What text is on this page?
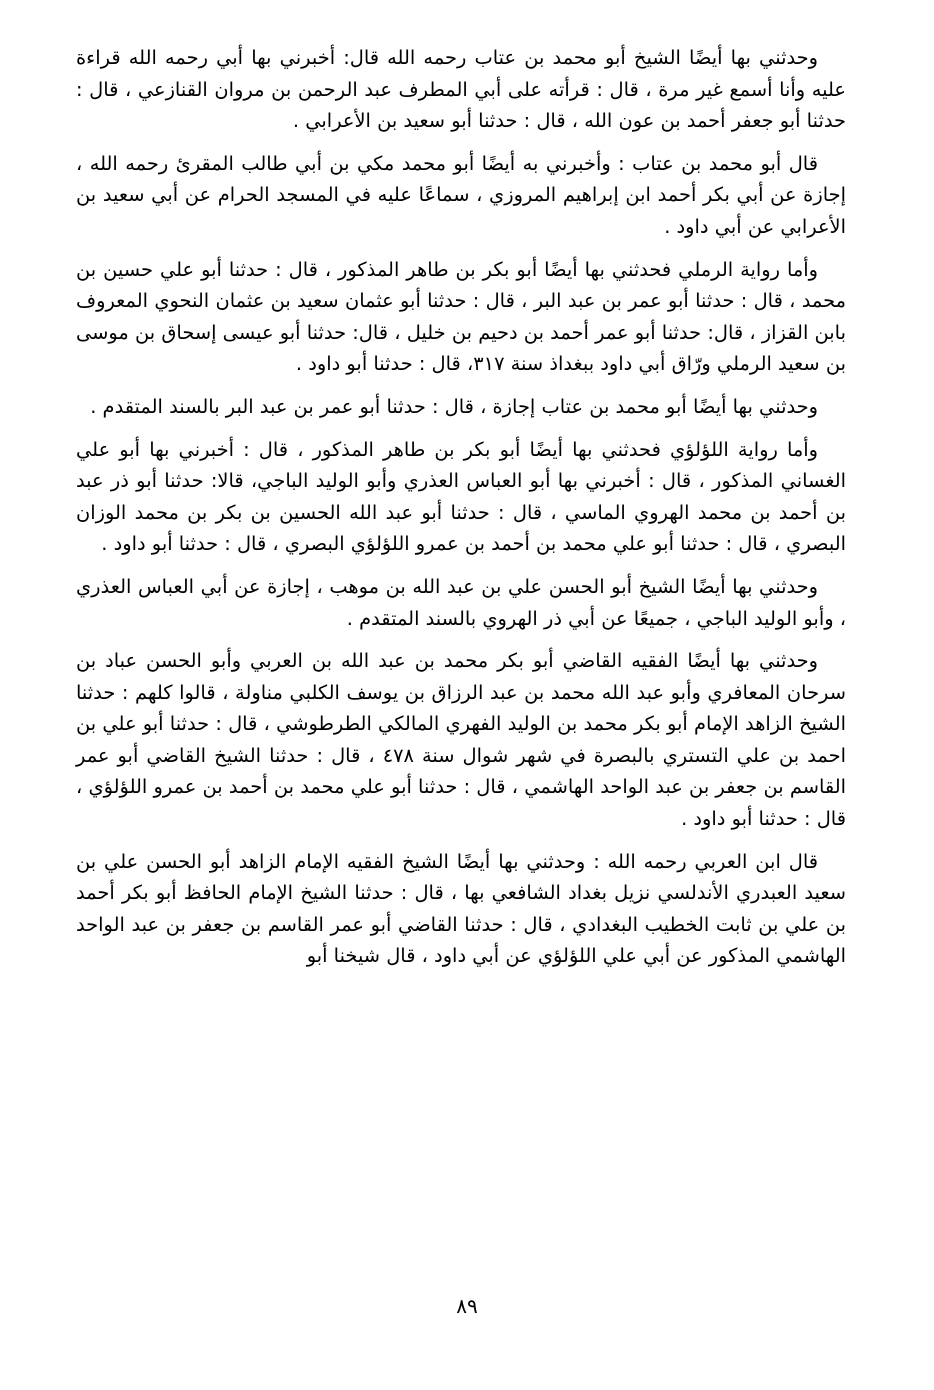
وحدثني بها أيضًا الشيخ أبو محمد بن عتاب رحمه الله قال: أخبرني بها أبي رحمه الله قراءة عليه وأنا أسمع غير مرة ، قال : قرأته على أبي المطرف عبد الرحمن بن مروان القنازعي ، قال : حدثنا أبو جعفر أحمد بن عون الله ، قال : حدثنا أبو سعيد بن الأعرابي .

قال أبو محمد بن عتاب : وأخبرني به أيضًا أبو محمد مكي بن أبي طالب المقرئ رحمه الله ، إجازة عن أبي بكر أحمد ابن إبراهيم المروزي ، سماعًا عليه في المسجد الحرام عن أبي سعيد بن الأعرابي عن أبي داود .

وأما رواية الرملي فحدثني بها أيضًا أبو بكر بن طاهر المذكور ، قال : حدثنا أبو علي حسين بن محمد ، قال : حدثنا أبو عمر بن عبد البر ، قال : حدثنا أبو عثمان سعيد بن عثمان النحوي المعروف بابن القزاز ، قال: حدثنا أبو عمر أحمد بن دحيم بن خليل ، قال: حدثنا أبو عيسى إسحاق بن موسى بن سعيد الرملي ورّاق أبي داود ببغداذ سنة ٣١٧، قال : حدثنا أبو داود .

وحدثني بها أيضًا أبو محمد بن عتاب إجازة ، قال : حدثنا أبو عمر بن عبد البر بالسند المتقدم .

وأما رواية اللؤلؤي فحدثني بها أيضًا أبو بكر بن طاهر المذكور ، قال : أخبرني بها أبو علي الغساني المذكور ، قال : أخبرني بها أبو العباس العذري وأبو الوليد الباجي، قالا: حدثنا أبو ذر عبد بن أحمد بن محمد الهروي الماسي ، قال : حدثنا أبو عبد الله الحسين بن بكر بن محمد الوزان البصري ، قال : حدثنا أبو علي محمد بن أحمد بن عمرو اللؤلؤي البصري ، قال : حدثنا أبو داود .

وحدثني بها أيضًا الشيخ أبو الحسن علي بن عبد الله بن موهب ، إجازة عن أبي العباس العذري ، وأبو الوليد الباجي ، جميعًا عن أبي ذر الهروي بالسند المتقدم .

وحدثني بها أيضًا الفقيه القاضي أبو بكر محمد بن عبد الله بن العربي وأبو الحسن عباد بن سرحان المعافري وأبو عبد الله محمد بن عبد الرزاق بن يوسف الكلبي مناولة ، قالوا كلهم : حدثنا الشيخ الزاهد الإمام أبو بكر محمد بن الوليد الفهري المالكي الطرطوشي ، قال : حدثنا أبو علي بن احمد بن علي التستري بالبصرة في شهر شوال سنة ٤٧٨ ، قال : حدثنا الشيخ القاضي أبو عمر القاسم بن جعفر بن عبد الواحد الهاشمي ، قال : حدثنا أبو علي محمد بن أحمد بن عمرو اللؤلؤي ، قال : حدثنا أبو داود .

قال ابن العربي رحمه الله : وحدثني بها أيضًا الشيخ الفقيه الإمام الزاهد أبو الحسن علي بن سعيد العبدري الأندلسي نزيل بغداد الشافعي بها ، قال : حدثنا الشيخ الإمام الحافظ أبو بكر أحمد بن علي بن ثابت الخطيب البغدادي ، قال : حدثنا القاضي أبو عمر القاسم بن جعفر بن عبد الواحد الهاشمي المذكور عن أبي علي اللؤلؤي عن أبي داود ، قال شيخنا أبو

٨٩
